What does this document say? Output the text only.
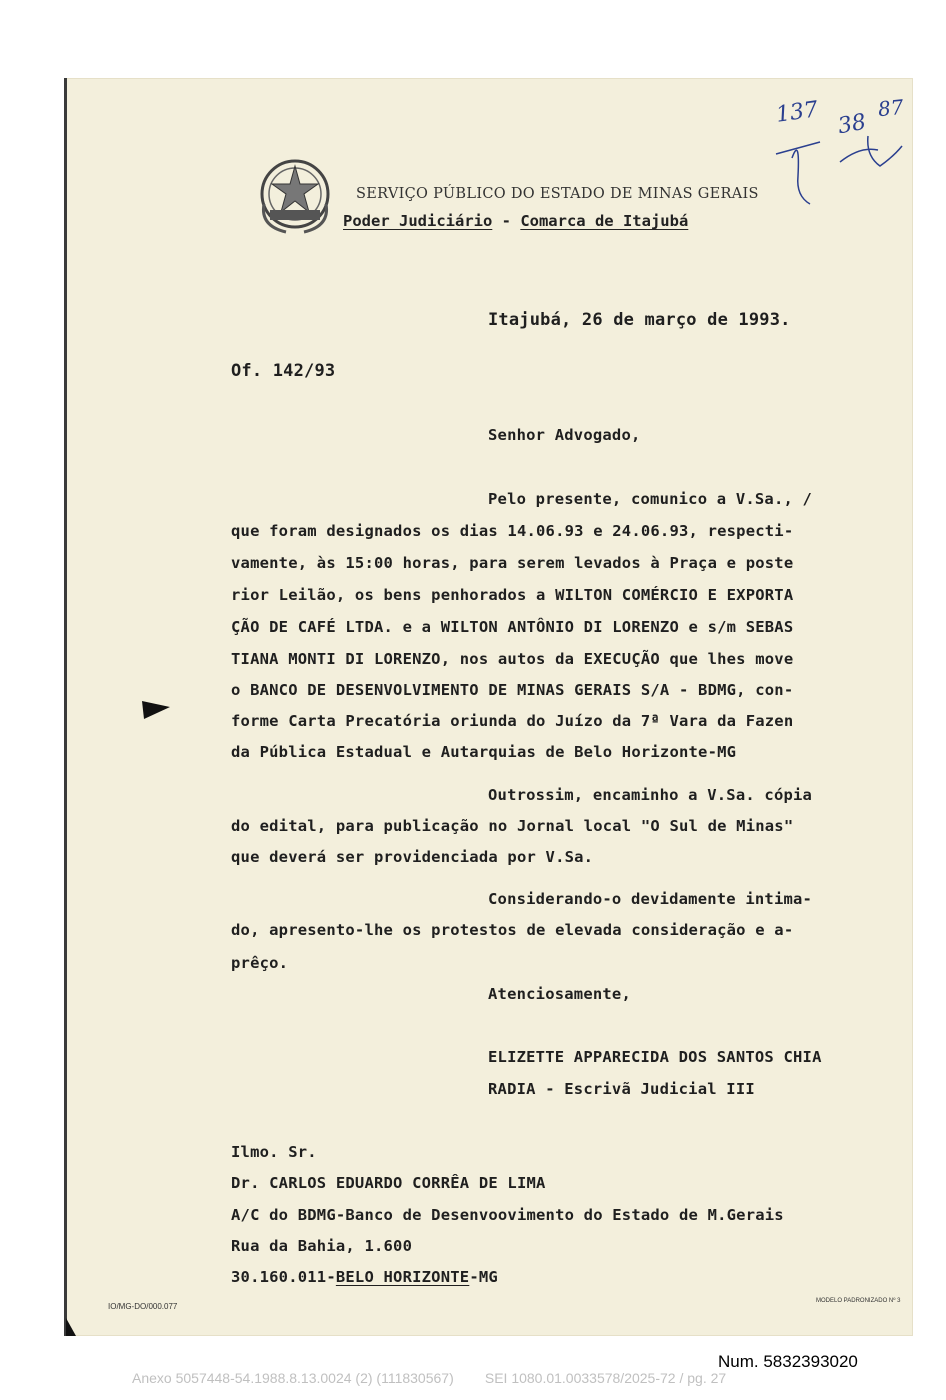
SERVIÇO PÚBLICO DO ESTADO DE MINAS GERAIS
Poder Judiciário - Comarca de Itajubá
137 38
87
Itajubá, 26 de março de 1993.
Of. 142/93
Senhor Advogado,
Pelo presente, comunico a V.Sa., /
que foram designados os dias 14.06.93 e 24.06.93, respecti-
vamente, às 15:00 horas, para serem levados à Praça e poste
rior Leilão, os bens penhorados a WILTON COMÉRCIO E EXPORTA
ÇÃO DE CAFÉ LTDA. e a WILTON ANTÔNIO DI LORENZO e s/m SEBAS
TIANA MONTI DI LORENZO, nos autos da EXECUÇÃO que lhes move
o BANCO DE DESENVOLVIMENTO DE MINAS GERAIS S/A - BDMG, con-
forme Carta Precatória oriunda do Juízo da 7ª Vara da Fazen
da Pública Estadual e Autarquias de Belo Horizonte-MG
Outrossim, encaminho a V.Sa. cópia
do edital, para publicação no Jornal local "O Sul de Minas"
que deverá ser providenciada por V.Sa.
Considerando-o devidamente intima-
do, apresento-lhe os protestos de elevada consideração e a-
prêço.
Atenciosamente,
ELIZETTE APPARECIDA DOS SANTOS CHIA
RADIA - Escrivã Judicial III
Ilmo. Sr.
Dr. CARLOS EDUARDO CORRÊA DE LIMA
A/C do BDMG-Banco de Desenvoovimento do Estado de M.Gerais
Rua da Bahia, 1.600
30.160.011-BELO HORIZONTE-MG
IO/MG-DO/000.077
MODELO PADRONIZADO Nº 3
Num. 5832393020
Anexo 5057448-54.1988.8.13.0024 (2) (111830567)        SEI 1080.01.0033578/2025-72 / pg. 27
